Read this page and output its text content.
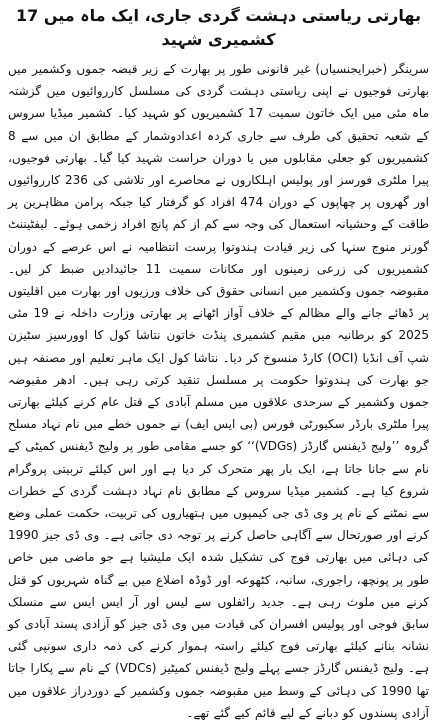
بھارتی ریاستی دہشت گردی جاری، ایک ماہ میں 17 کشمیری شہید

سرینگر (خبرایجنسیاں) غیر قانونی طور پر بھارت کے زیر قبضہ جموں وکشمیر میں بھارتی فوجیوں نے اپنی ریاستی دہشت گردی کی مسلسل کارروائیوں میں گزشتہ ماہ مئی میں ایک خاتون سمیت 17 کشمیریوں کو شہید کیا۔ کشمیر میڈیا سروس کے شعبہ تحقیق کی طرف سے جاری کردہ اعدادوشمار کے مطابق ان میں سے 8 کشمیریوں کو جعلی مقابلوں میں یا دوران حراست شہید کیا گیا۔ بھارتی فوجیوں، پیرا ملٹری فورسز اور پولیس اہلکاروں نے محاصرے اور تلاشی کی 236 کارروائیوں اور گھروں پر چھاپوں کے دوران 474 افراد کو گرفتار کیا جبکہ پرامن مظاہرین پر طاقت کے وحشیانہ استعمال کی وجہ سے کم از کم پانچ افراد زخمی ہوئے۔ لیفٹیننٹ گورنر منوج سنہا کی زیر قیادت ہندوتوا پرست انتظامیہ نے اس عرصے کے دوران کشمیریوں کی زرعی زمینوں اور مکانات سمیت 11 جائیدادیں ضبط کر لیں۔ مقبوضہ جموں وکشمیر میں انسانی حقوق کی خلاف ورزیوں اور بھارت میں اقلیتوں پر ڈھائے جانے والے مظالم کے خلاف آواز اٹھانے پر بھارتی وزارت داخلہ نے 19 مئی 2025 کو برطانیہ میں مقیم کشمیری پنڈت خاتون نتاشا کول کا اوورسیز سٹیزن شپ آف انڈیا (OCI) کارڈ منسوخ کر دیا۔ نتاشا کول ایک ماہر تعلیم اور مصنفہ ہیں جو بھارت کی ہندوتوا حکومت پر مسلسل تنقید کرتی رہی ہیں۔ ادھر مقبوضہ جموں وکشمیر کے سرحدی علاقوں میں مسلم آبادی کے قتل عام کرنے کیلئے بھارتی پیرا ملٹری بارڈر سکیورٹی فورس (بی ایس ایف) نے جموں خطے میں نام نہاد مسلح گروہ ’’ولیج ڈیفنس گارڈز (VDGs)‘‘ کو جسے مقامی طور پر ولیج ڈیفنس کمیٹی کے نام سے جانا جاتا ہے، ایک بار پھر متحرک کر دیا ہے اور اس کیلئے تربیتی پروگرام شروع کیا ہے۔ کشمیر میڈیا سروس کے مطابق نام نہاد دہشت گردی کے خطرات سے نمٹنے کے نام پر وی ڈی جی کیمپوں میں ہتھیاروں کی تربیت، حکمت عملی وضع کرنے اور صورتحال سے آگاہی حاصل کرنے پر توجہ دی جاتی ہے۔ وی ڈی جیز 1990 کی دہائی میں بھارتی فوج کی تشکیل شدہ ایک ملیشیا ہے جو ماضی میں خاص طور پر پونچھ، راجوری، سانبہ، کٹھوعہ اور ڈوڈہ اضلاع میں بے گناہ شہریوں کو قتل کرنے میں ملوث رہی ہے۔ جدید رائفلوں سے لیس اور آر ایس ایس سے منسلک سابق فوجی اور پولیس افسران کی قیادت میں وی ڈی جیز کو آزادی پسند آبادی کو نشانہ بنانے کیلئے بھارتی فوج کیلئے راستہ ہموار کرنے کی ذمہ داری سونپی گئی ہے۔ ولیج ڈیفنس گارڈز جسے پہلے ولیج ڈیفنس کمیٹیز (VDCs) کے نام سے پکارا جاتا تھا 1990 کی دہائی کے وسط میں مقبوضہ جموں وکشمیر کے دوردراز علاقوں میں آزادی پسندوں کو دبانے کے لیے قائم کیے گئے تھے۔
